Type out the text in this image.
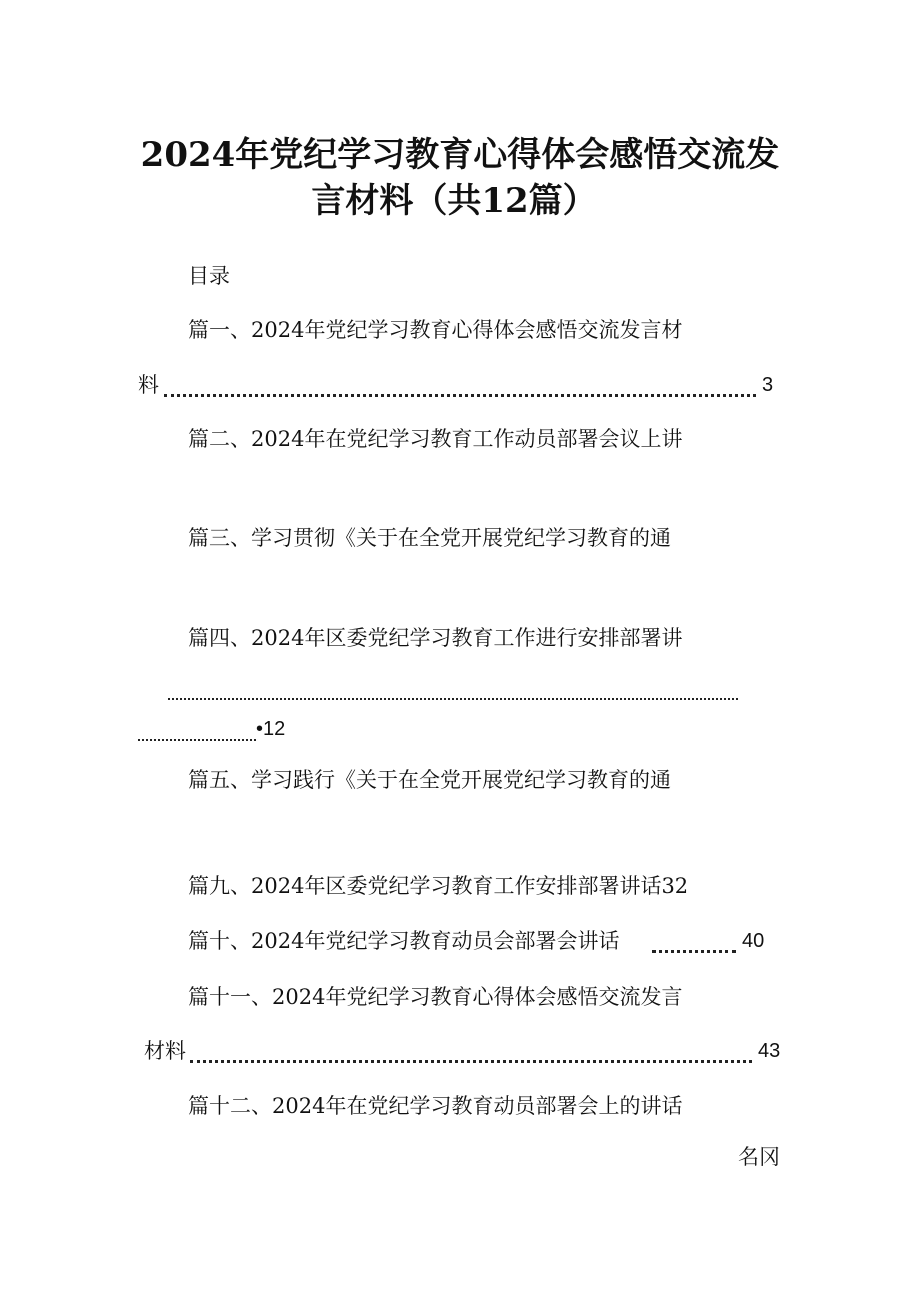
2024年党纪学习教育心得体会感悟交流发
言材料（共12篇）
目录
篇一、2024年党纪学习教育心得体会感悟交流发言材
料	3
篇二、2024年在党纪学习教育工作动员部署会议上讲
篇三、学习贯彻《关于在全党开展党纪学习教育的通
篇四、2024年区委党纪学习教育工作进行安排部署讲
•12
篇五、学习践行《关于在全党开展党纪学习教育的通
篇九、2024年区委党纪学习教育工作安排部署讲话32
篇十、2024年党纪学习教育动员会部署会讲话	40
篇十一、2024年党纪学习教育心得体会感悟交流发言
材料	43
篇十二、2024年在党纪学习教育动员部署会上的讲话
名冈
